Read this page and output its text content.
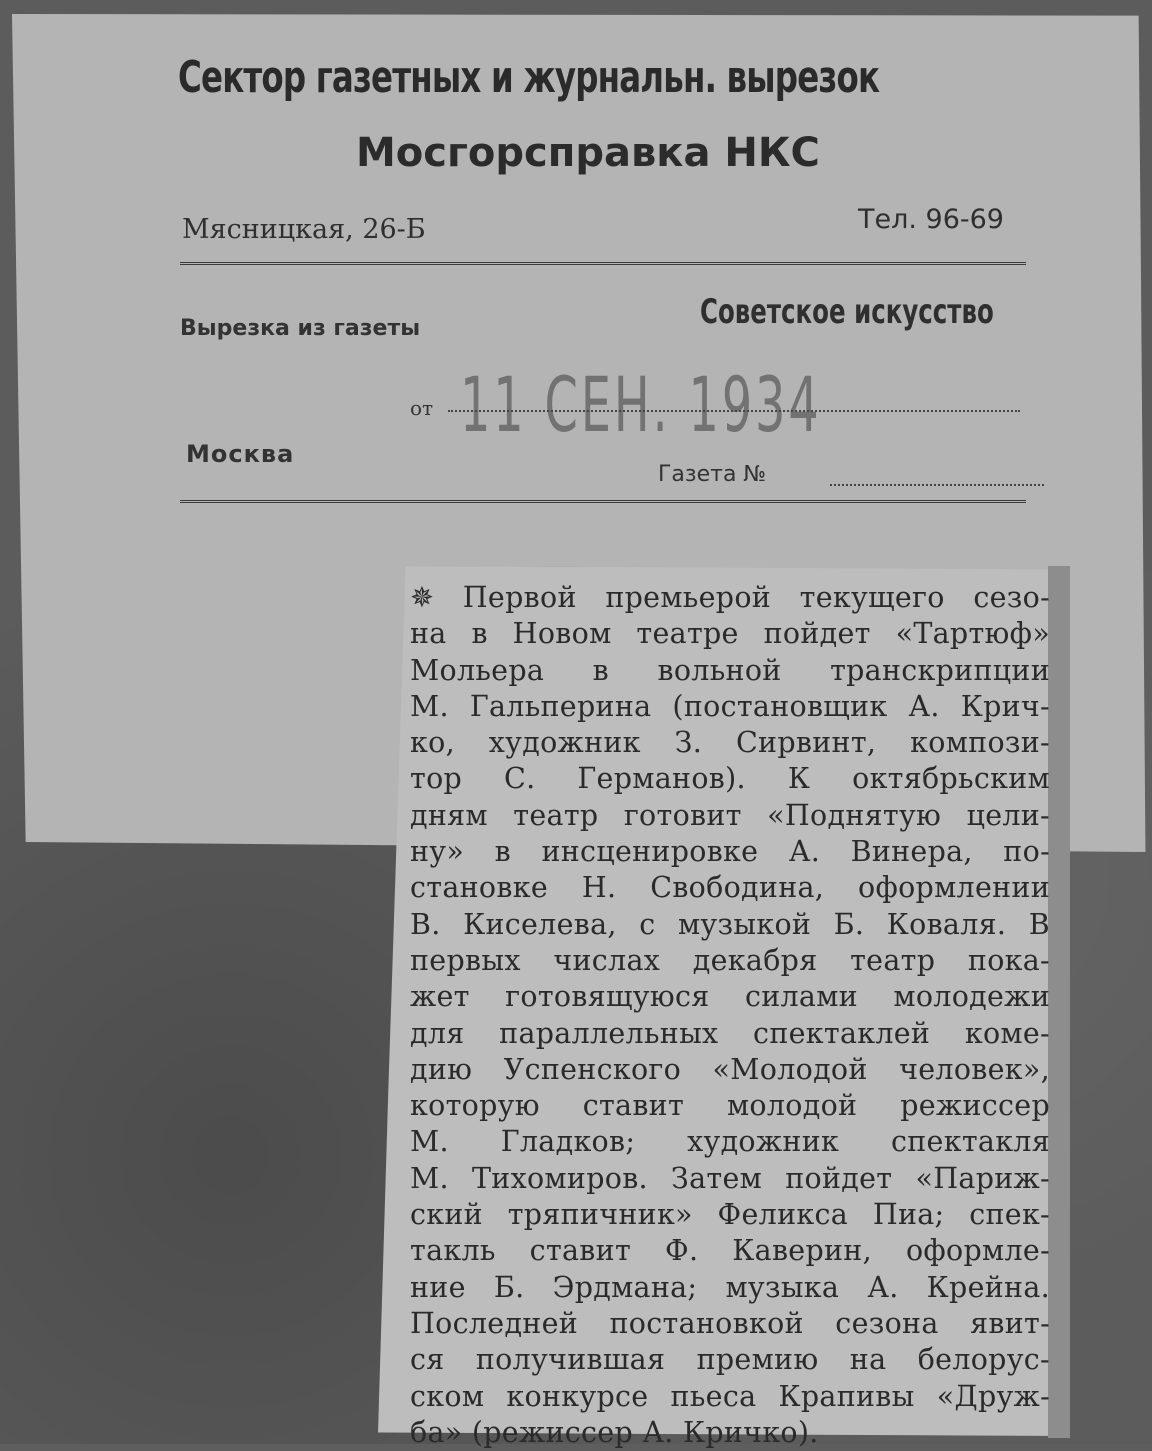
Сектор газетных и журнальн. вырезок
Мосгорсправка НКС
Мясницкая, 26-Б	Тел. 96-69
Вырезка из газеты	Советское искусство
11 СЕН. 1934
от
Москва
Газета №
✵ Первой премьерой текущего сезо-
на в Новом театре пойдет «Тартюф»
Мольера в вольной транскрипции
М. Гальперина (постановщик А. Крич-
ко, художник З. Сирвинт, компози-
тор С. Германов). К октябрьским
дням театр готовит «Поднятую цели-
ну» в инсценировке А. Винера, по-
становке Н. Свободина, оформлении
В. Киселева, с музыкой Б. Коваля. В
первых числах декабря театр пока-
жет готовящуюся силами молодежи
для параллельных спектаклей коме-
дию Успенского «Молодой человек»,
которую ставит молодой режиссер
М. Гладков; художник спектакля
М. Тихомиров. Затем пойдет «Париж-
ский тряпичник» Феликса Пиа; спек-
такль ставит Ф. Каверин, оформле-
ние Б. Эрдмана; музыка А. Крейна.
Последней постановкой сезона явит-
ся получившая премию на белорус-
ском конкурсе пьеса Крапивы «Друж-
ба» (режиссер А. Кричко).
